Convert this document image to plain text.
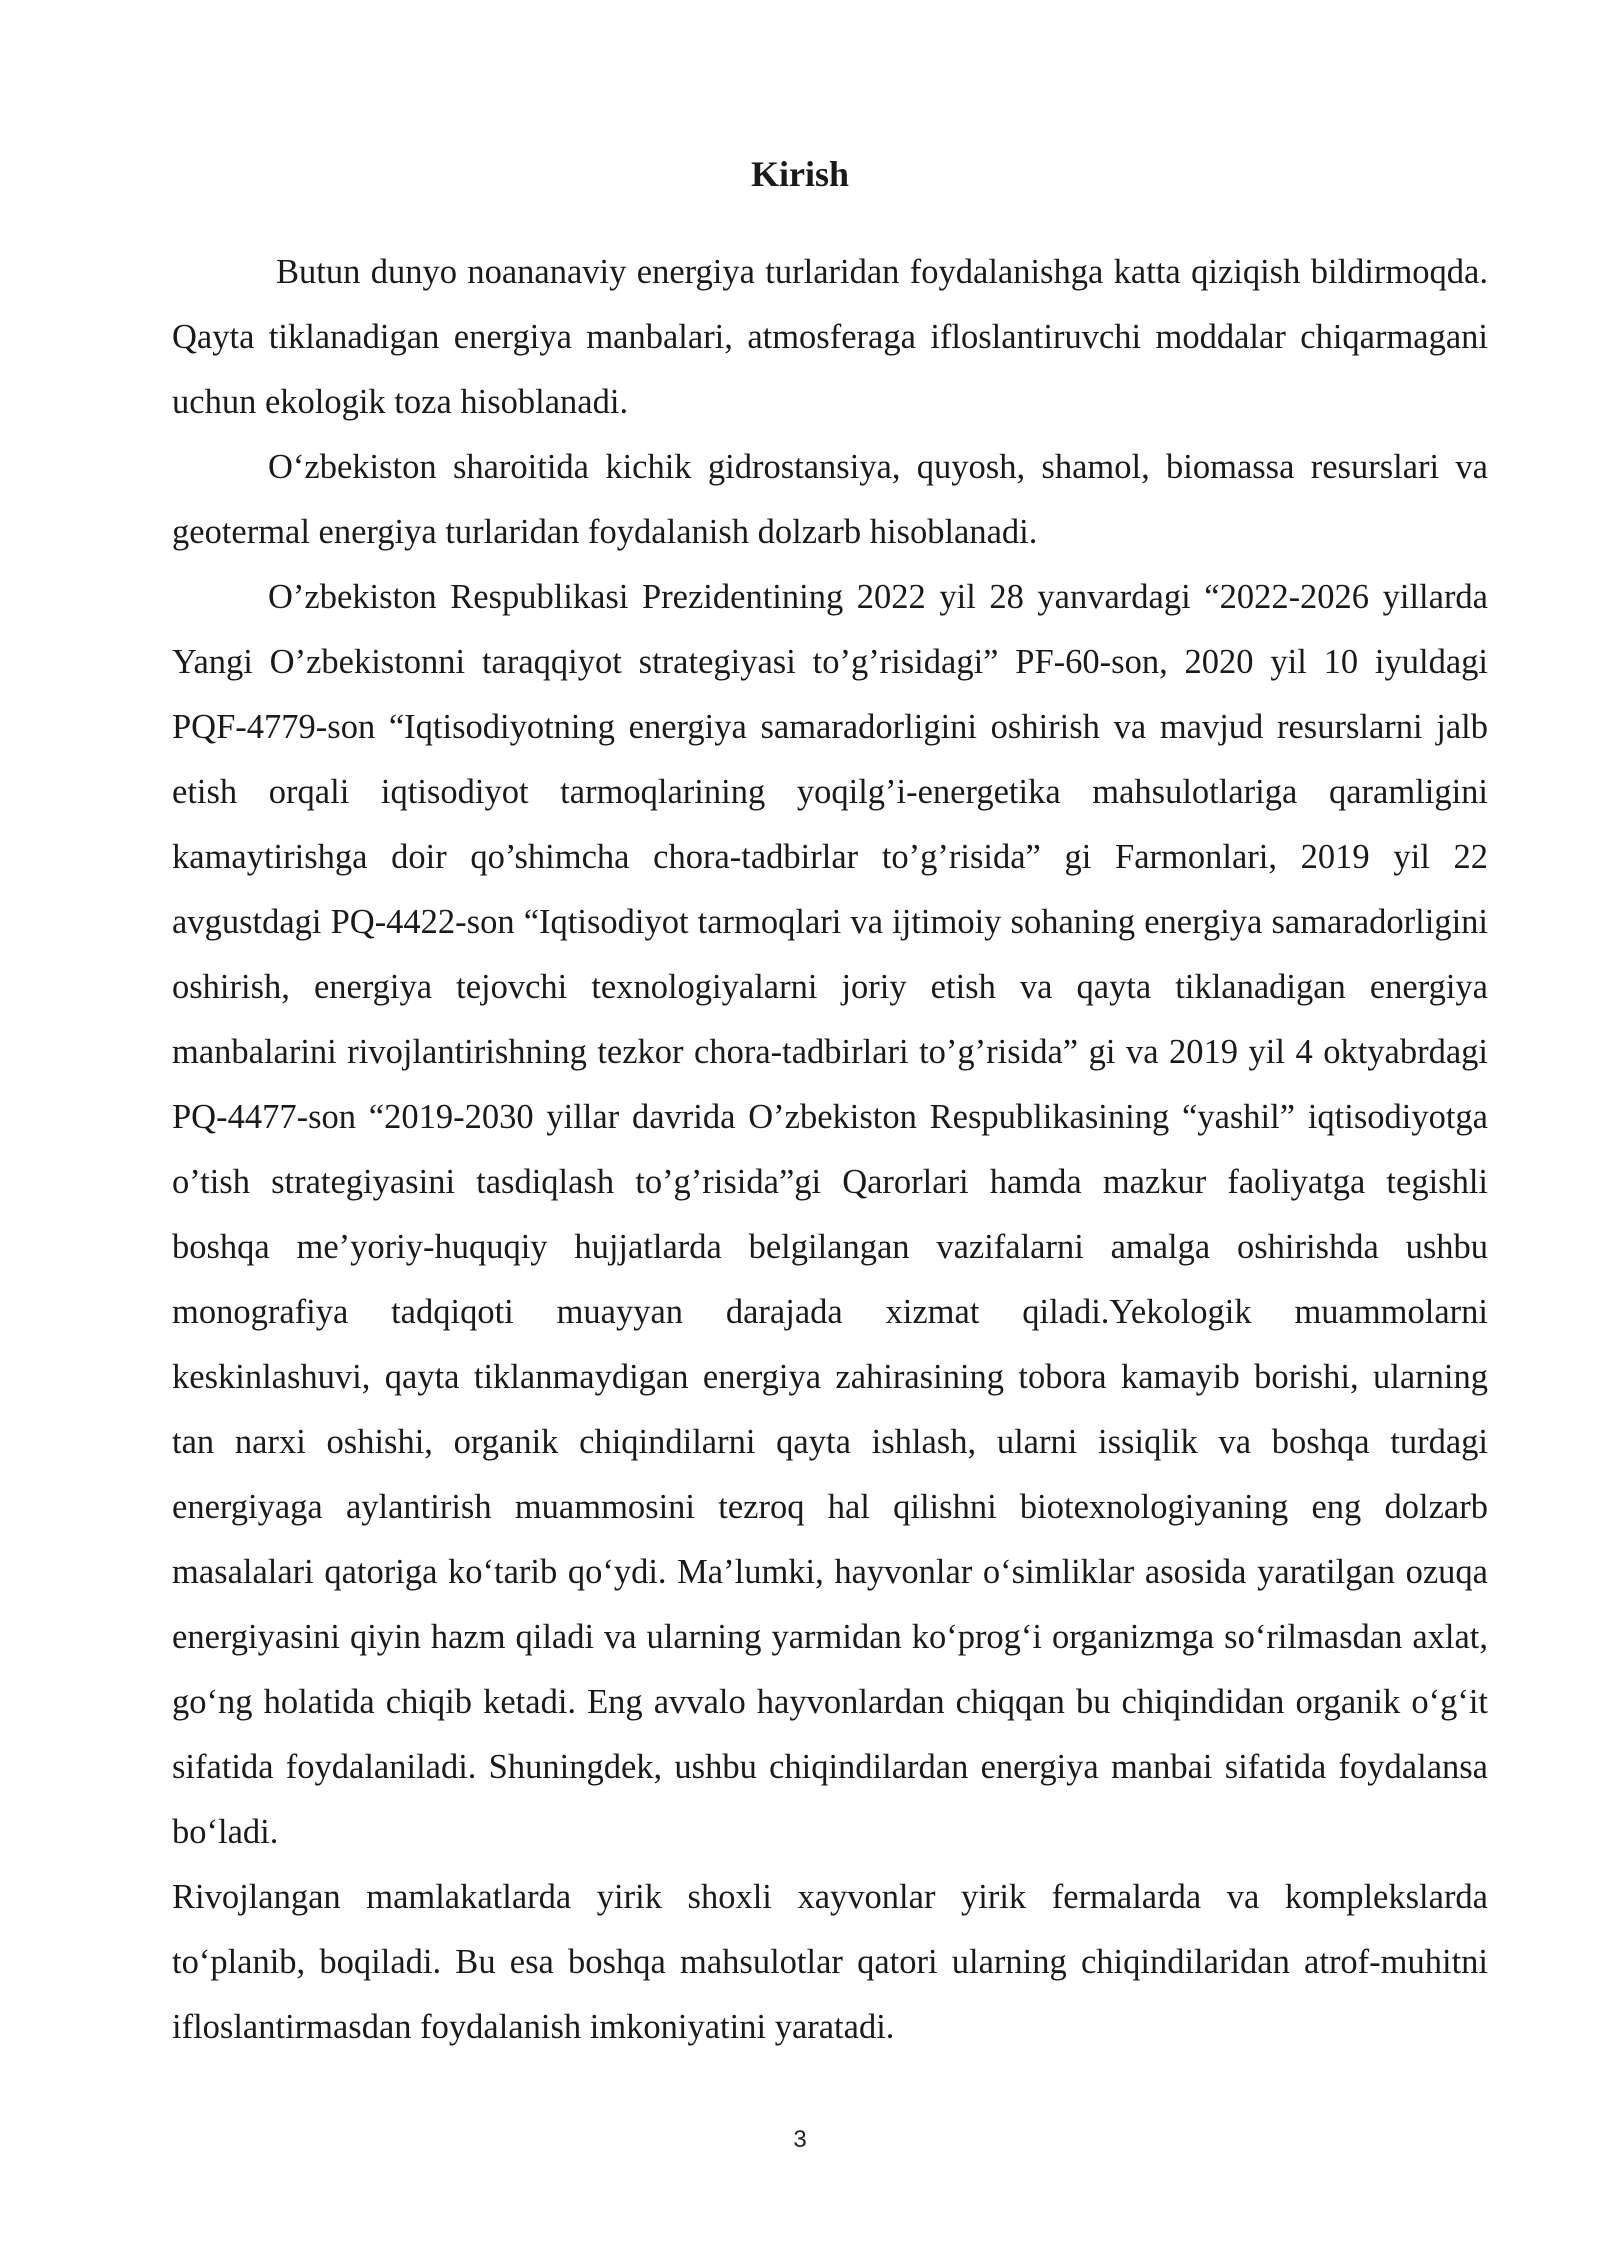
Kirish

Butun dunyo noananaviy energiya turlaridan foydalanishga katta qiziqish bildirmoqda. Qayta tiklanadigan energiya manbalari, atmosferaga ifloslantiruvchi moddalar chiqarmagani uchun ekologik toza hisoblanadi.

O‘zbekiston sharoitida kichik gidrostansiya, quyosh, shamol, biomassa resurslari va geotermal energiya turlaridan foydalanish dolzarb hisoblanadi.

O’zbekiston Respublikasi Prezidentining 2022 yil 28 yanvardagi “2022-2026 yillarda Yangi O’zbekistonni taraqqiyot strategiyasi to’g’risidagi” PF-60-son, 2020 yil 10 iyuldagi PQF-4779-son “Iqtisodiyotning energiya samaradorligini oshirish va mavjud resurslarni jalb etish orqali iqtisodiyot tarmoqlarining yoqilg’i-energetika mahsulotlariga qaramligini kamaytirishga doir qo’shimcha chora-tadbirlar to’g’risida” gi Farmonlari, 2019 yil 22 avgustdagi PQ-4422-son “Iqtisodiyot tarmoqlari va ijtimoiy sohaning energiya samaradorligini oshirish, energiya tejovchi texnologiyalarni joriy etish va qayta tiklanadigan energiya manbalarini rivojlantirishning tezkor chora-tadbirlari to’g’risida” gi va 2019 yil 4 oktyabrdagi PQ-4477-son “2019-2030 yillar davrida O’zbekiston Respublikasining “yashil” iqtisodiyotga o’tish strategiyasini tasdiqlash to’g’risida”gi Qarorlari hamda mazkur faoliyatga tegishli boshqa me’yoriy-huquqiy hujjatlarda belgilangan vazifalarni amalga oshirishda ushbu monografiya tadqiqoti muayyan darajada xizmat qiladi.Yekologik muammolarni keskinlashuvi, qayta tiklanmaydigan energiya zahirasining tobora kamayib borishi, ularning tan narxi oshishi, organik chiqindilarni qayta ishlash, ularni issiqlik va boshqa turdagi energiyaga aylantirish muammosini tezroq hal qilishni biotexnologiyaning eng dolzarb masalalari qatoriga ko‘tarib qo‘ydi. Ma’lumki, hayvonlar o‘simliklar asosida yaratilgan ozuqa energiyasini qiyin hazm qiladi va ularning yarmidan ko‘prog‘i organizmga so‘rilmasdan axlat, go‘ng holatida chiqib ketadi. Eng avvalo hayvonlardan chiqqan bu chiqindidan organik o‘g‘it sifatida foydalaniladi. Shuningdek, ushbu chiqindilardan energiya manbai sifatida foydalansa bo‘ladi.

Rivojlangan mamlakatlarda yirik shoxli xayvonlar yirik fermalarda va komplekslarda to‘planib, boqiladi. Bu esa boshqa mahsulotlar qatori ularning chiqindilaridan atrof-muhitni ifloslantirmasdan foydalanish imkoniyatini yaratadi.

3
